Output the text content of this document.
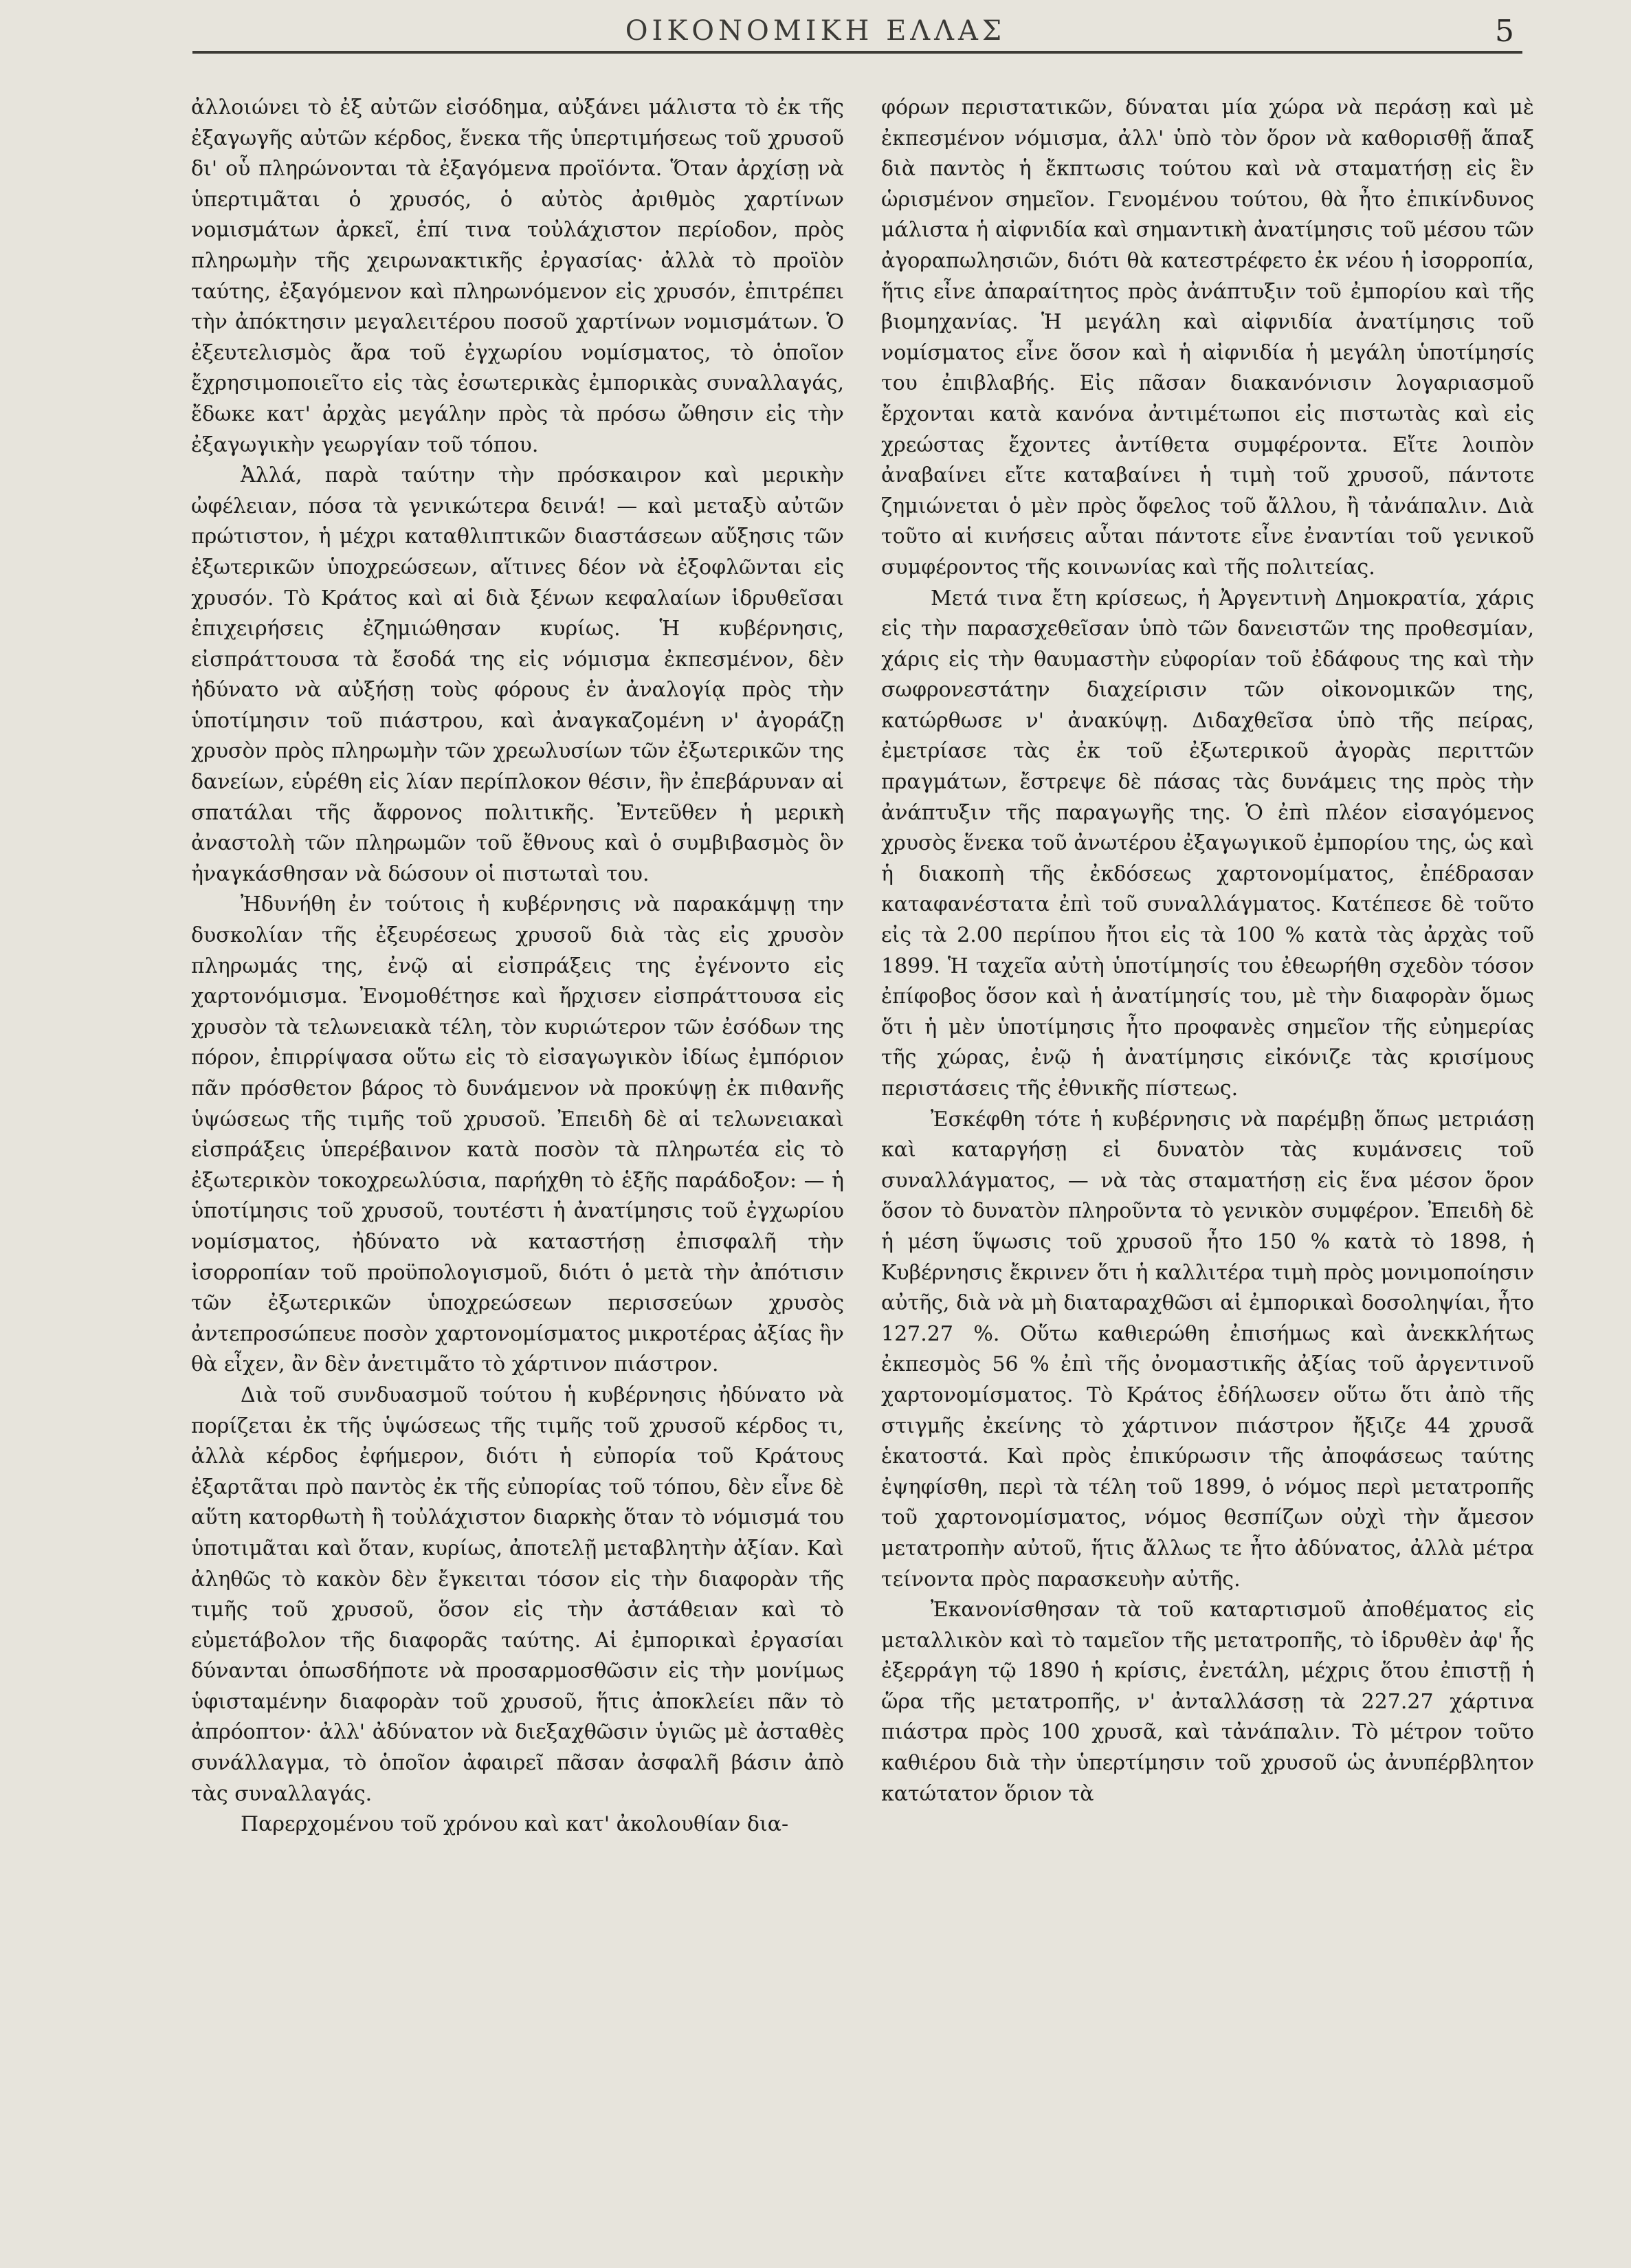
ΟΙΚΟΝΟΜΙΚΗ ΕΛΛΑΣ	5

ἀλλοιώνει τὸ ἐξ αὐτῶν εἰσόδημα, αὐξάνει μάλιστα τὸ ἐκ τῆς ἐξαγωγῆς αὐτῶν κέρδος, ἕνεκα τῆς ὑπερτιμήσεως τοῦ χρυσοῦ δι' οὗ πληρώνονται τὰ ἐξαγόμενα προϊόντα. Ὅταν ἀρχίσῃ νὰ ὑπερτιμᾶται ὁ χρυσός, ὁ αὐτὸς ἀριθμὸς χαρτίνων νομισμάτων ἀρκεῖ, ἐπί τινα τοὐλάχιστον περίοδον, πρὸς πληρωμὴν τῆς χειρωνακτικῆς ἐργασίας· ἀλλὰ τὸ προϊὸν ταύτης, ἐξαγόμενον καὶ πληρωνόμενον εἰς χρυσόν, ἐπιτρέπει τὴν ἀπόκτησιν μεγαλειτέρου ποσοῦ χαρτίνων νομισμάτων. Ὁ ἐξευτελισμὸς ἄρα τοῦ ἐγχωρίου νομίσματος, τὸ ὁποῖον ἔχρησιμοποιεῖτο εἰς τὰς ἐσωτερικὰς ἐμπορικὰς συναλλαγάς, ἔδωκε κατ' ἀρχὰς μεγάλην πρὸς τὰ πρόσω ὤθησιν εἰς τὴν ἐξαγωγικὴν γεωργίαν τοῦ τόπου.

Ἀλλά, παρὰ ταύτην τὴν πρόσκαιρον καὶ μερικὴν ὠφέλειαν, πόσα τὰ γενικώτερα δεινά! — καὶ μεταξὺ αὐτῶν πρώτιστον, ἡ μέχρι καταθλιπτικῶν διαστάσεων αὔξησις τῶν ἐξωτερικῶν ὑποχρεώσεων, αἵτινες δέον νὰ ἐξοφλῶνται εἰς χρυσόν. Τὸ Κράτος καὶ αἱ διὰ ξένων κεφαλαίων ἱδρυθεῖσαι ἐπιχειρήσεις ἐζημιώθησαν κυρίως. Ἡ κυβέρνησις, εἰσπράττουσα τὰ ἔσοδά της εἰς νόμισμα ἐκπεσμένον, δὲν ἠδύνατο νὰ αὐξήσῃ τοὺς φόρους ἐν ἀναλογίᾳ πρὸς τὴν ὑποτίμησιν τοῦ πιάστρου, καὶ ἀναγκαζομένη ν' ἀγοράζῃ χρυσὸν πρὸς πληρωμὴν τῶν χρεωλυσίων τῶν ἐξωτερικῶν της δανείων, εὑρέθη εἰς λίαν περίπλοκον θέσιν, ἣν ἐπεβάρυναν αἱ σπατάλαι τῆς ἄφρονος πολιτικῆς. Ἐντεῦθεν ἡ μερικὴ ἀναστολὴ τῶν πληρωμῶν τοῦ ἔθνους καὶ ὁ συμβιβασμὸς ὃν ἠναγκάσθησαν νὰ δώσουν οἱ πιστωταὶ του.

Ἠδυνήθη ἐν τούτοις ἡ κυβέρνησις νὰ παρακάμψῃ την δυσκολίαν τῆς ἐξευρέσεως χρυσοῦ διὰ τὰς εἰς χρυσὸν πληρωμάς της, ἐνῷ αἱ εἰσπράξεις της ἐγένοντο εἰς χαρτονόμισμα. Ἐνομοθέτησε καὶ ἤρχισεν εἰσπράττουσα εἰς χρυσὸν τὰ τελωνειακὰ τέλη, τὸν κυριώτερον τῶν ἐσόδων της πόρον, ἐπιρρίψασα οὕτω εἰς τὸ εἰσαγωγικὸν ἰδίως ἐμπόριον πᾶν πρόσθετον βάρος τὸ δυνάμενον νὰ προκύψῃ ἐκ πιθανῆς ὑψώσεως τῆς τιμῆς τοῦ χρυσοῦ. Ἐπειδὴ δὲ αἱ τελωνειακαὶ εἰσπράξεις ὑπερέβαινον κατὰ ποσὸν τὰ πληρωτέα εἰς τὸ ἐξωτερικὸν τοκοχρεωλύσια, παρήχθη τὸ ἑξῆς παράδοξον: — ἡ ὑποτίμησις τοῦ χρυσοῦ, τουτέστι ἡ ἀνατίμησις τοῦ ἐγχωρίου νομίσματος, ἠδύνατο νὰ καταστήσῃ ἐπισφαλῆ τὴν ἰσορροπίαν τοῦ προϋπολογισμοῦ, διότι ὁ μετὰ τὴν ἀπότισιν τῶν ἐξωτερικῶν ὑποχρεώσεων περισσεύων χρυσὸς ἀντεπροσώπευε ποσὸν χαρτονομίσματος μικροτέρας ἀξίας ἣν θὰ εἶχεν, ἂν δὲν ἀνετιμᾶτο τὸ χάρτινον πιάστρον.

Διὰ τοῦ συνδυασμοῦ τούτου ἡ κυβέρνησις ἠδύνατο νὰ πορίζεται ἐκ τῆς ὑψώσεως τῆς τιμῆς τοῦ χρυσοῦ κέρδος τι, ἀλλὰ κέρδος ἐφήμερον, διότι ἡ εὐπορία τοῦ Κράτους ἐξαρτᾶται πρὸ παντὸς ἐκ τῆς εὐπορίας τοῦ τόπου, δὲν εἶνε δὲ αὕτη κατορθωτὴ ἢ τοὐλάχιστον διαρκὴς ὅταν τὸ νόμισμά του ὑποτιμᾶται καὶ ὅταν, κυρίως, ἀποτελῇ μεταβλητὴν ἀξίαν. Καὶ ἀληθῶς τὸ κακὸν δὲν ἔγκειται τόσον εἰς τὴν διαφορὰν τῆς τιμῆς τοῦ χρυσοῦ, ὅσον εἰς τὴν ἀστάθειαν καὶ τὸ εὐμετάβολον τῆς διαφορᾶς ταύτης. Αἱ ἐμπορικαὶ ἐργασίαι δύνανται ὁπωσδήποτε νὰ προσαρμοσθῶσιν εἰς τὴν μονίμως ὑφισταμένην διαφορὰν τοῦ χρυσοῦ, ἥτις ἀποκλείει πᾶν τὸ ἀπρόοπτον· ἀλλ' ἀδύνατον νὰ διεξαχθῶσιν ὑγιῶς μὲ ἀσταθὲς συνάλλαγμα, τὸ ὁποῖον ἀφαιρεῖ πᾶσαν ἀσφαλῆ βάσιν ἀπὸ τὰς συναλλαγάς.

Παρερχομένου τοῦ χρόνου καὶ κατ' ἀκολουθίαν δια-

φόρων περιστατικῶν, δύναται μία χώρα νὰ περάσῃ καὶ μὲ ἐκπεσμένον νόμισμα, ἀλλ' ὑπὸ τὸν ὅρον νὰ καθορισθῇ ἅπαξ διὰ παντὸς ἡ ἔκπτωσις τούτου καὶ νὰ σταματήσῃ εἰς ἓν ὡρισμένον σημεῖον. Γενομένου τούτου, θὰ ἦτο ἐπικίνδυνος μάλιστα ἡ αἰφνιδία καὶ σημαντικὴ ἀνατίμησις τοῦ μέσου τῶν ἀγοραπωλησιῶν, διότι θὰ κατεστρέφετο ἐκ νέου ἡ ἰσορροπία, ἥτις εἶνε ἀπαραίτητος πρὸς ἀνάπτυξιν τοῦ ἐμπορίου καὶ τῆς βιομηχανίας. Ἡ μεγάλη καὶ αἰφνιδία ἀνατίμησις τοῦ νομίσματος εἶνε ὅσον καὶ ἡ αἰφνιδία ἡ μεγάλη ὑποτίμησίς του ἐπιβλαβής. Εἰς πᾶσαν διακανόνισιν λογαριασμοῦ ἔρχονται κατὰ κανόνα ἀντιμέτωποι εἰς πιστωτὰς καὶ εἰς χρεώστας ἔχοντες ἀντίθετα συμφέροντα. Εἴτε λοιπὸν ἀναβαίνει εἴτε καταβαίνει ἡ τιμὴ τοῦ χρυσοῦ, πάντοτε ζημιώνεται ὁ μὲν πρὸς ὄφελος τοῦ ἄλλου, ἢ τἀνάπαλιν. Διὰ τοῦτο αἱ κινήσεις αὗται πάντοτε εἶνε ἐναντίαι τοῦ γενικοῦ συμφέροντος τῆς κοινωνίας καὶ τῆς πολιτείας.

Μετά τινα ἔτη κρίσεως, ἡ Ἀργεντινὴ Δημοκρατία, χάρις εἰς τὴν παρασχεθεῖσαν ὑπὸ τῶν δανειστῶν της προθεσμίαν, χάρις εἰς τὴν θαυμαστὴν εὐφορίαν τοῦ ἐδάφους της καὶ τὴν σωφρονεστάτην διαχείρισιν τῶν οἰκονομικῶν της, κατώρθωσε ν' ἀνακύψῃ. Διδαχθεῖσα ὑπὸ τῆς πείρας, ἐμετρίασε τὰς ἐκ τοῦ ἐξωτερικοῦ ἀγορὰς περιττῶν πραγμάτων, ἔστρεψε δὲ πάσας τὰς δυνάμεις της πρὸς τὴν ἀνάπτυξιν τῆς παραγωγῆς της. Ὁ ἐπὶ πλέον εἰσαγόμενος χρυσὸς ἕνεκα τοῦ ἀνωτέρου ἐξαγωγικοῦ ἐμπορίου της, ὡς καὶ ἡ διακοπὴ τῆς ἐκδόσεως χαρτονομίματος, ἐπέδρασαν καταφανέστατα ἐπὶ τοῦ συναλλάγματος. Κατέπεσε δὲ τοῦτο εἰς τὰ 2.00 περίπου ἤτοι εἰς τὰ 100 % κατὰ τὰς ἀρχὰς τοῦ 1899. Ἡ ταχεῖα αὐτὴ ὑποτίμησίς του ἐθεωρήθη σχεδὸν τόσον ἐπίφοβος ὅσον καὶ ἡ ἀνατίμησίς του, μὲ τὴν διαφορὰν ὅμως ὅτι ἡ μὲν ὑποτίμησις ἦτο προφανὲς σημεῖον τῆς εὐημερίας τῆς χώρας, ἐνῷ ἡ ἀνατίμησις εἰκόνιζε τὰς κρισίμους περιστάσεις τῆς ἐθνικῆς πίστεως.

Ἐσκέφθη τότε ἡ κυβέρνησις νὰ παρέμβῃ ὅπως μετριάσῃ καὶ καταργήσῃ εἰ δυνατὸν τὰς κυμάνσεις τοῦ συναλλάγματος, — νὰ τὰς σταματήσῃ εἰς ἕνα μέσον ὅρον ὅσον τὸ δυνατὸν πληροῦντα τὸ γενικὸν συμφέρον. Ἐπειδὴ δὲ ἡ μέση ὕψωσις τοῦ χρυσοῦ ἦτο 150 % κατὰ τὸ 1898, ἡ Κυβέρνησις ἔκρινεν ὅτι ἡ καλλιτέρα τιμὴ πρὸς μονιμοποίησιν αὐτῆς, διὰ νὰ μὴ διαταραχθῶσι αἱ ἐμπορικαὶ δοσοληψίαι, ἦτο 127.27 %. Οὕτω καθιερώθη ἐπισήμως καὶ ἀνεκκλήτως ἐκπεσμὸς 56 % ἐπὶ τῆς ὀνομαστικῆς ἀξίας τοῦ ἀργεντινοῦ χαρτονομίσματος. Τὸ Κράτος ἐδήλωσεν οὕτω ὅτι ἀπὸ τῆς στιγμῆς ἐκείνης τὸ χάρτινον πιάστρον ἤξιζε 44 χρυσᾶ ἑκατοστά. Καὶ πρὸς ἐπικύρωσιν τῆς ἀποφάσεως ταύτης ἐψηφίσθη, περὶ τὰ τέλη τοῦ 1899, ὁ νόμος περὶ μετατροπῆς τοῦ χαρτονομίσματος, νόμος θεσπίζων οὐχὶ τὴν ἄμεσον μετατροπὴν αὐτοῦ, ἥτις ἄλλως τε ἦτο ἀδύνατος, ἀλλὰ μέτρα τείνοντα πρὸς παρασκευὴν αὐτῆς.

Ἐκανονίσθησαν τὰ τοῦ καταρτισμοῦ ἀποθέματος εἰς μεταλλικὸν καὶ τὸ ταμεῖον τῆς μετατροπῆς, τὸ ἱδρυθὲν ἀφ' ἧς ἐξερράγη τῷ 1890 ἡ κρίσις, ἐνετάλη, μέχρις ὅτου ἐπιστῇ ἡ ὥρα τῆς μετατροπῆς, ν' ἀνταλλάσσῃ τὰ 227.27 χάρτινα πιάστρα πρὸς 100 χρυσᾶ, καὶ τἀνάπαλιν. Τὸ μέτρον τοῦτο καθιέρου διὰ τὴν ὑπερτίμησιν τοῦ χρυσοῦ ὡς ἀνυπέρβλητον κατώτατον ὅριον τὰ
